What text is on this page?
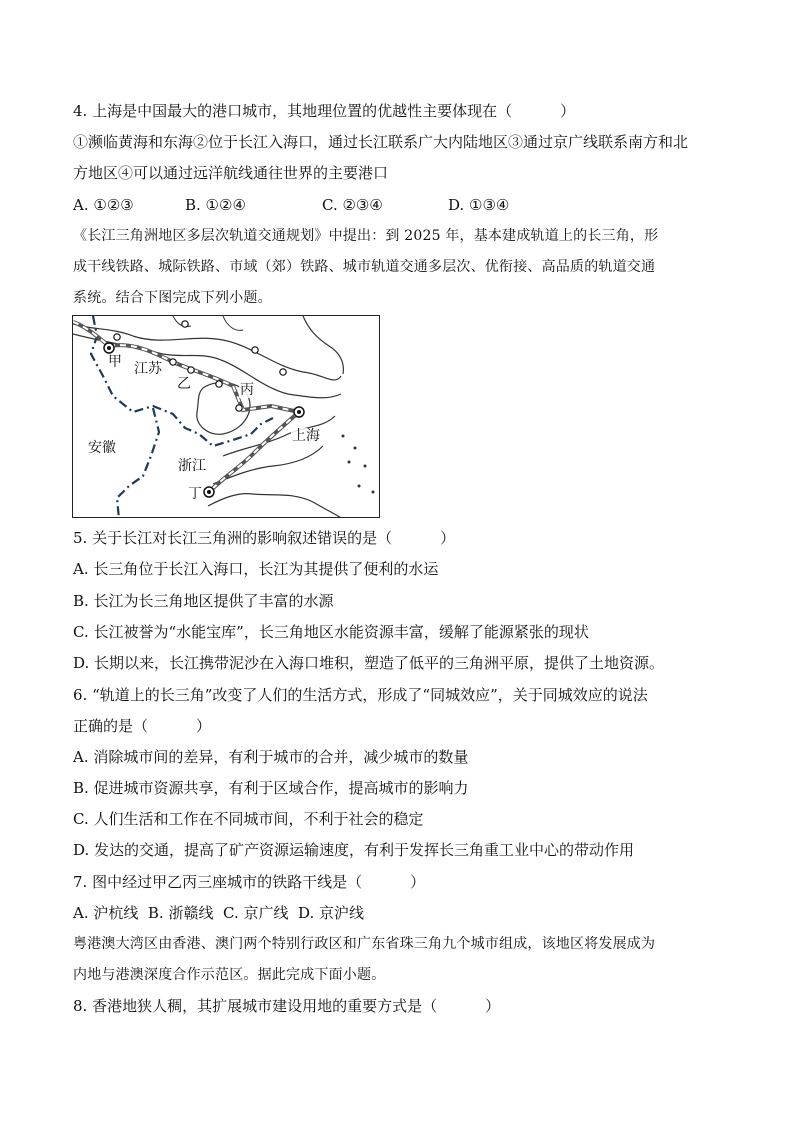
4. 上海是中国最大的港口城市，其地理位置的优越性主要体现在（	）
①濒临黄海和东海②位于长江入海口，通过长江联系广大内陆地区③通过京广线联系南方和北
方地区④可以通过远洋航线通往世界的主要港口
A. ①②③	B. ①②④	C. ②③④	D. ①③④
《长江三角洲地区多层次轨道交通规划》中提出：到 2025 年，基本建成轨道上的长三角，形
成干线铁路、城际铁路、市域（郊）铁路、城市轨道交通多层次、优衔接、高品质的轨道交通
系统。结合下图完成下列小题。
甲 江苏
乙	丙
安徽
浙江
上海
丁
5. 关于长江对长江三角洲的影响叙述错误的是（	）
A. 长三角位于长江入海口，长江为其提供了便利的水运
B. 长江为长三角地区提供了丰富的水源
C. 长江被誉为“水能宝库”，长三角地区水能资源丰富，缓解了能源紧张的现状
D. 长期以来，长江携带泥沙在入海口堆积，塑造了低平的三角洲平原，提供了土地资源。
6. “轨道上的长三角”改变了人们的生活方式，形成了“同城效应”，关于同城效应的说法
正确的是（	）
A. 消除城市间的差异，有利于城市的合并，减少城市的数量
B. 促进城市资源共享，有利于区域合作，提高城市的影响力
C. 人们生活和工作在不同城市间，不利于社会的稳定
D. 发达的交通，提高了矿产资源运输速度，有利于发挥长三角重工业中心的带动作用
7. 图中经过甲乙丙三座城市的铁路干线是（	）
A. 沪杭线  B. 浙赣线  C. 京广线  D. 京沪线
粤港澳大湾区由香港、澳门两个特别行政区和广东省珠三角九个城市组成，该地区将发展成为
内地与港澳深度合作示范区。据此完成下面小题。
8. 香港地狭人稠，其扩展城市建设用地的重要方式是（	）
